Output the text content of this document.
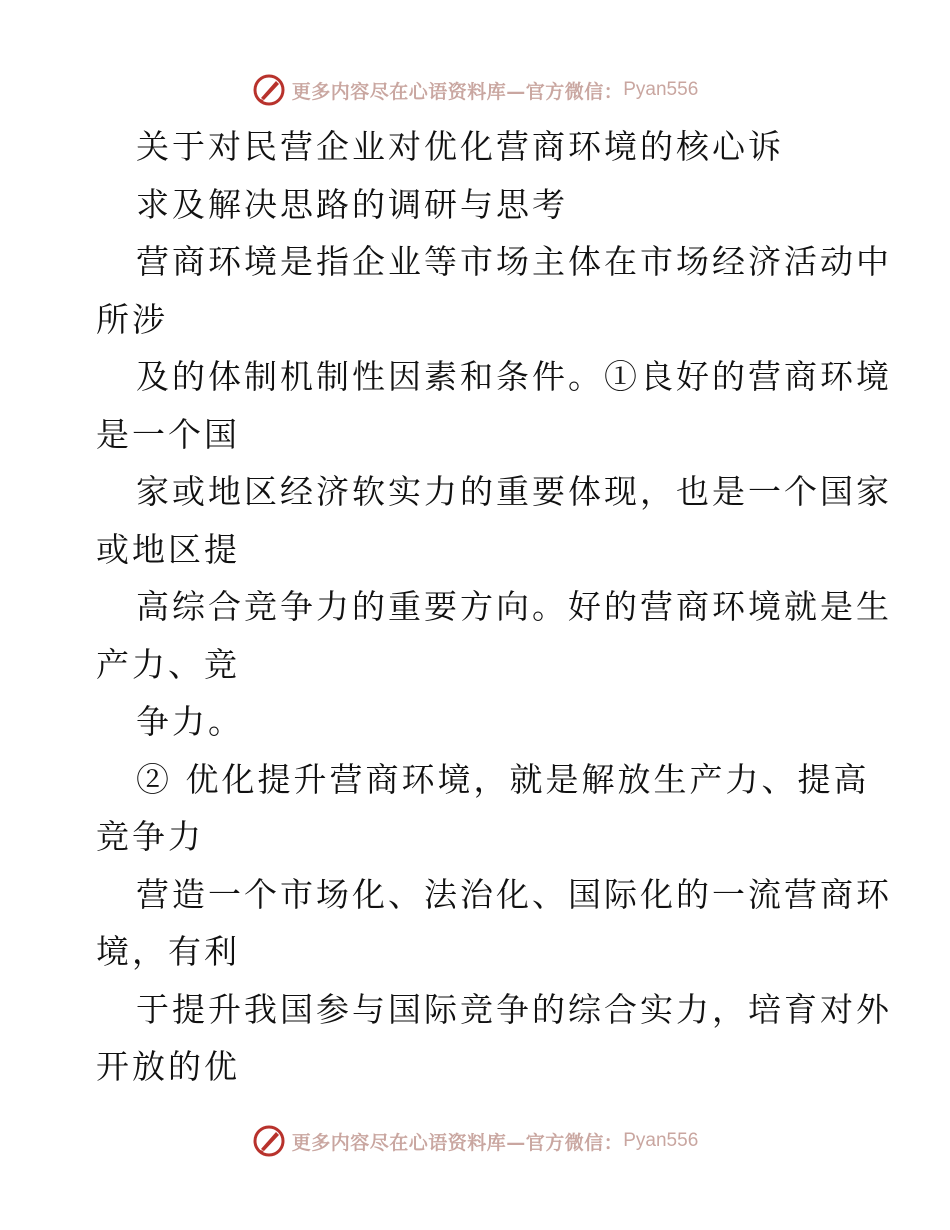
更多内容尽在心语资料库—官方微信： Pyan556
关于对民营企业对优化营商环境的核心诉
求及解决思路的调研与思考
营商环境是指企业等市场主体在市场经济活动中
所涉
及的体制机制性因素和条件。①良好的营商环境
是一个国
家或地区经济软实力的重要体现，也是一个国家
或地区提
高综合竞争力的重要方向。好的营商环境就是生
产力、竞
争力。
② 优化提升营商环境，就是解放生产力、提高
竞争力
营造一个市场化、法治化、国际化的一流营商环
境，有利
于提升我国参与国际竞争的综合实力，培育对外
开放的优
更多内容尽在心语资料库—官方微信： Pyan556
